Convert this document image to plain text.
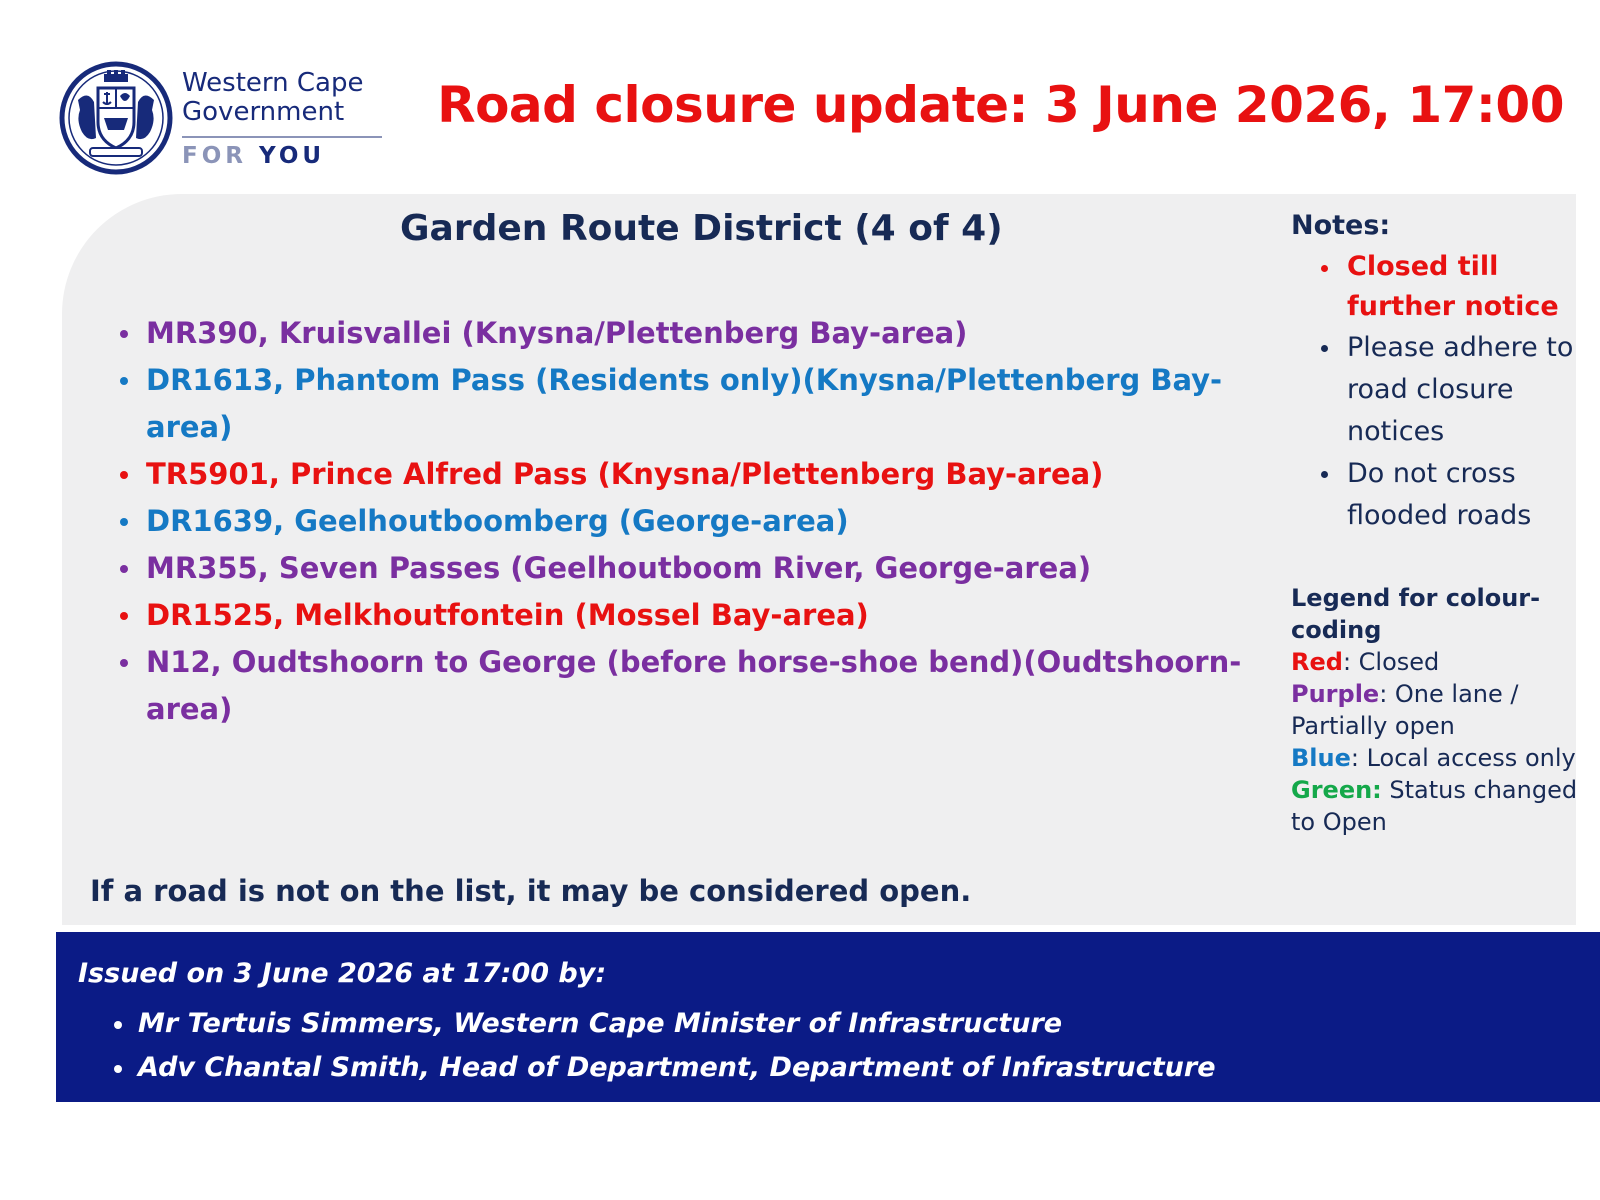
Western Cape
Government
FOR YOU
Road closure update: 3 June 2026, 17:00
Garden Route District (4 of 4)
MR390, Kruisvallei (Knysna/Plettenberg Bay-area)
DR1613, Phantom Pass (Residents only)(Knysna/Plettenberg Bay-area)
TR5901, Prince Alfred Pass (Knysna/Plettenberg Bay-area)
DR1639, Geelhoutboomberg (George-area)
MR355, Seven Passes (Geelhoutboom River, George-area)
DR1525, Melkhoutfontein (Mossel Bay-area)
N12, Oudtshoorn to George (before horse-shoe bend)(Oudtshoorn-area)
If a road is not on the list, it may be considered open.
Notes:
Closed till further notice
Please adhere to road closure notices
Do not cross flooded roads
Legend for colour-coding
Red: Closed
Purple: One lane / Partially open
Blue: Local access only
Green: Status changed to Open
Issued on 3 June 2026 at 17:00 by:
Mr Tertuis Simmers, Western Cape Minister of Infrastructure
Adv Chantal Smith, Head of Department, Department of Infrastructure
